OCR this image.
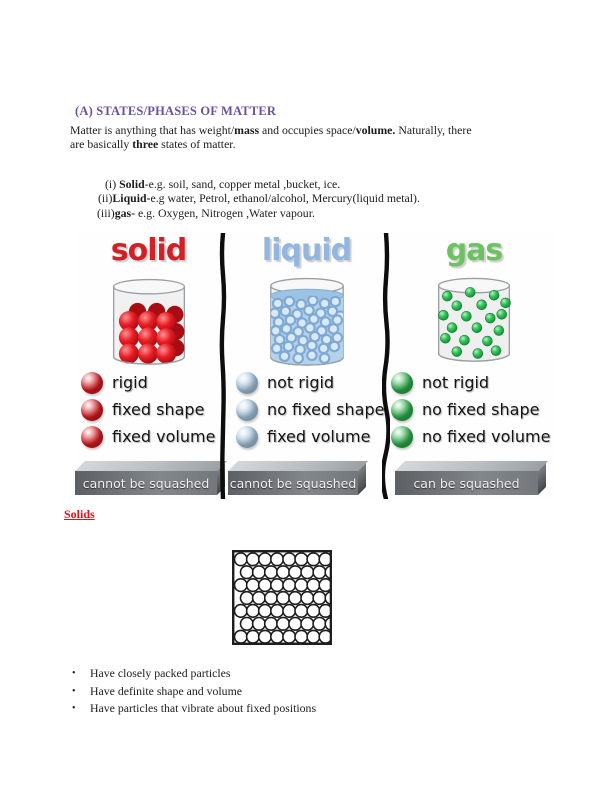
(A) STATES/PHASES OF MATTER
Matter is anything that has weight/mass and occupies space/volume. Naturally, there
are basically three states of matter.
(i) Solid-e.g. soil, sand, copper metal ,bucket, ice.
(ii)Liquid-e.g water, Petrol, ethanol/alcohol, Mercury(liquid metal).
(iii)gas- e.g. Oxygen, Nitrogen ,Water vapour.
solid
rigid
fixed shape
fixed volume
cannot be squashed
liquid
not rigid
no fixed shape
fixed volume
cannot be squashed
gas
not rigid
no fixed shape
no fixed volume
can be squashed
Solids
•	Have closely packed particles
•	Have definite shape and volume
•	Have particles that vibrate about fixed positions
